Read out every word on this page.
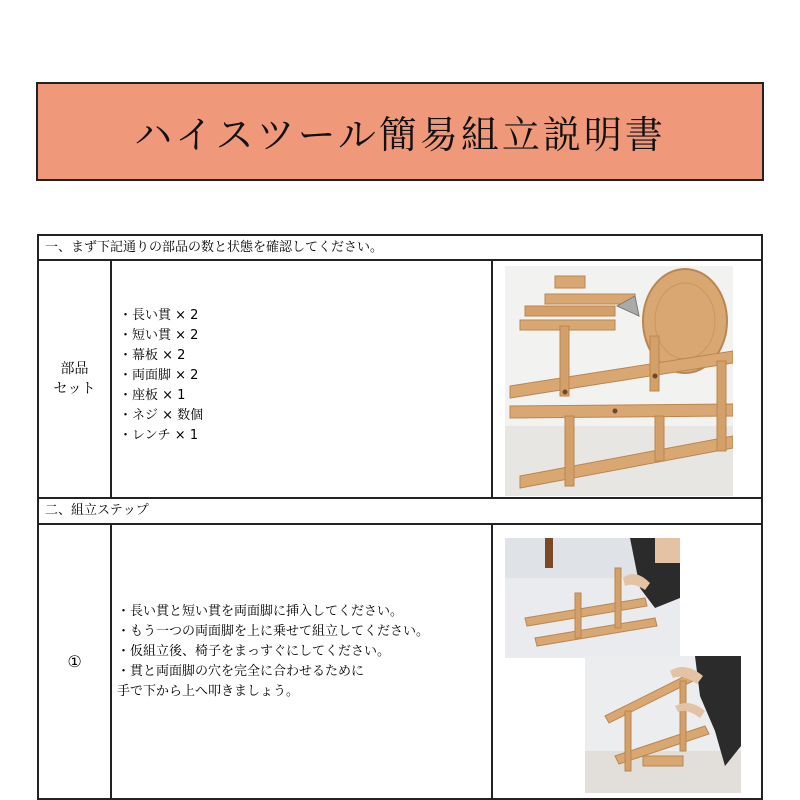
ハイスツール簡易組立説明書
一、まず下記通りの部品の数と状態を確認してください。
部品
セット
・長い貫 × 2
・短い貫 × 2
・幕板 × 2
・両面脚 × 2
・座板 × 1
・ネジ × 数個
・レンチ × 1
二、組立ステップ
①
・長い貫と短い貫を両面脚に挿入してください。
・もう一つの両面脚を上に乗せて組立してください。
・仮組立後、椅子をまっすぐにしてください。
・貫と両面脚の穴を完全に合わせるために
手で下から上へ叩きましょう。
